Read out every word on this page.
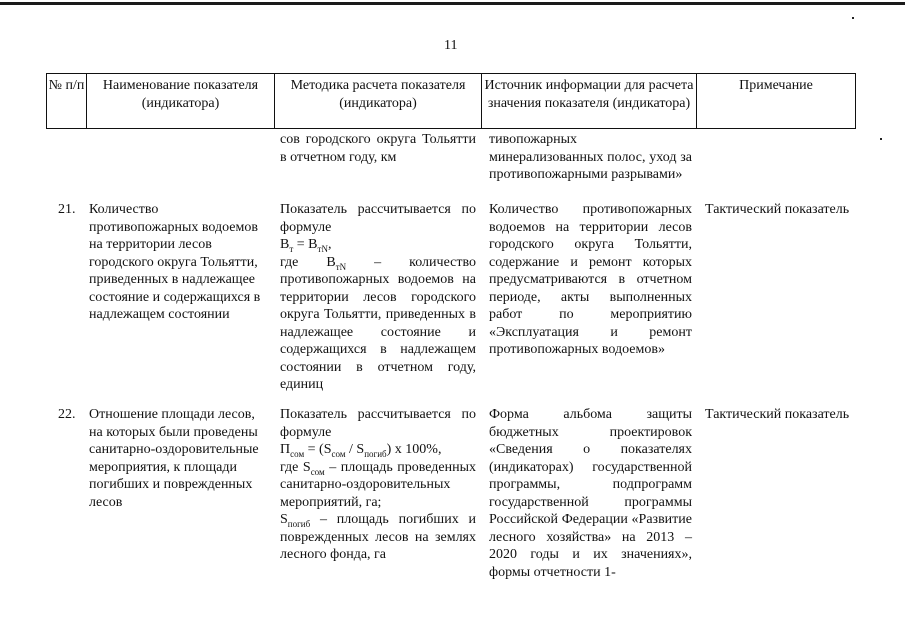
11
№ п/п	Наименование показателя (индикатора)
Методика расчета показателя (индикатора)
Источник информации для расчета значения показателя (индикатора)
Примечание
сов городского округа Тольятти в отчетном году, км
тивопожарных минерализованных полос, уход за противопожарными разрывами»
21. Количество противопожарных водоемов на территории лесов городского округа Тольятти, приведенных в надлежащее состояние и содержащихся в надлежащем состоянии
Показатель рассчитывается по формуле
$В_т = В_{тN}$,
где $В_{тN}$ – количество противопожарных водоемов на территории лесов городского округа Тольятти, приведенных в надлежащее состояние и содержащихся в надлежащем состоянии в отчетном году, единиц
Количество противопожарных водоемов на территории лесов городского округа Тольятти, содержание и ремонт которых предусматриваются в отчетном периоде, акты выполненных работ по мероприятию «Эксплуатация и ремонт противопожарных водоемов»
Тактический показатель
22. Отношение площади лесов, на которых были проведены санитарно-оздоровительные мероприятия, к площади погибших и поврежденных лесов
Показатель рассчитывается по формуле
$П_{сом} = (S_{сом} / S_{погиб})$ х 100%,
где $S_{сом}$ – площадь проведенных санитарно-оздоровительных мероприятий, га;
$S_{погиб}$ – площадь погибших и поврежденных лесов на землях лесного фонда, га
Форма альбома защиты бюджетных проектировок «Сведения о показателях (индикаторах) государственной программы, подпрограмм государственной программы Российской Федерации «Развитие лесного хозяйства» на 2013 – 2020 годы и их значениях», формы отчетности 1-
Тактический показатель
